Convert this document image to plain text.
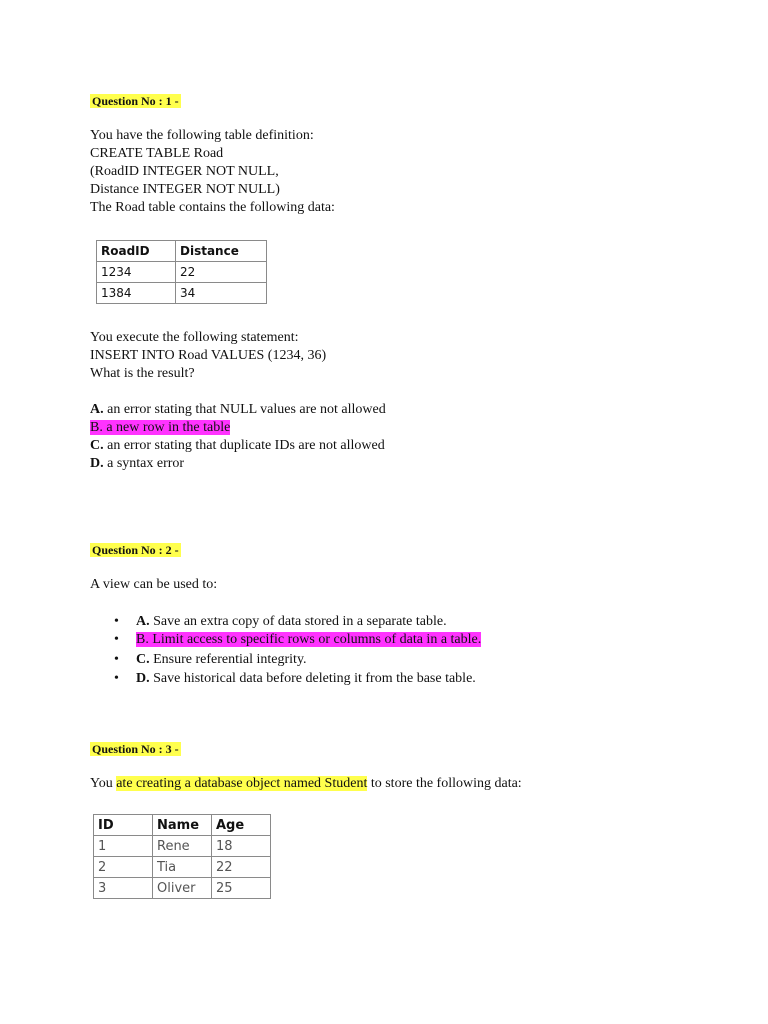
Question No : 1 -
You have the following table definition:
CREATE TABLE Road
(RoadID INTEGER NOT NULL,
Distance INTEGER NOT NULL)
The Road table contains the following data:
RoadID	Distance
1234	22
1384	34
You execute the following statement:
INSERT INTO Road VALUES (1234, 36)
What is the result?
A. an error stating that NULL values are not allowed
B. a new row in the table
C. an error stating that duplicate IDs are not allowed
D. a syntax error
Question No : 2 -
A view can be used to:
• A. Save an extra copy of data stored in a separate table.
• B. Limit access to specific rows or columns of data in a table.
• C. Ensure referential integrity.
• D. Save historical data before deleting it from the base table.
Question No : 3 -
You ate creating a database object named Student to store the following data:
ID	Name	Age
1	Rene	18
2	Tia	22
3	Oliver	25
